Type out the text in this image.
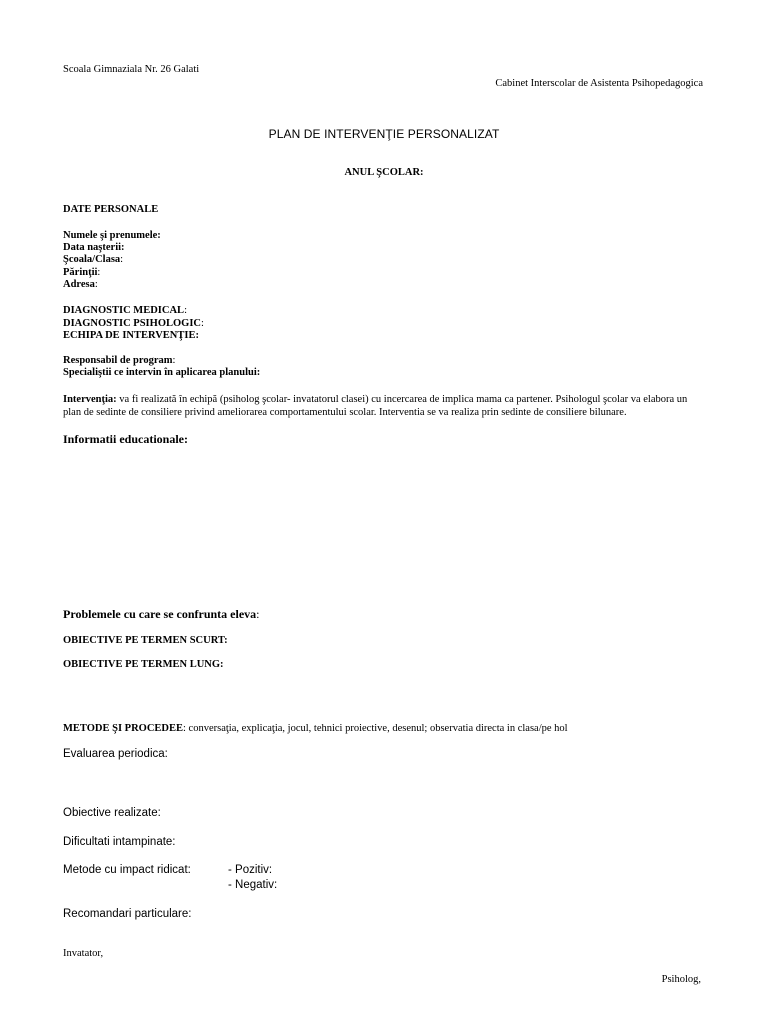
Scoala Gimnaziala Nr. 26 Galati
Cabinet Interscolar de Asistenta Psihopedagogica
PLAN DE INTERVENŢIE PERSONALIZAT
ANUL ŞCOLAR:
DATE PERSONALE
Numele şi prenumele:
Data naşterii:
Şcoala/Clasa:
Părinţii:
Adresa:
DIAGNOSTIC MEDICAL:
DIAGNOSTIC PSIHOLOGIC:
ECHIPA DE INTERVENŢIE:
Responsabil de program:
Specialiştii ce intervin în aplicarea planului:
Intervenţia: va fi realizată în echipă (psiholog şcolar- invatatorul clasei) cu incercarea de implica mama ca partener. Psihologul şcolar va elabora un plan de sedinte de consiliere privind ameliorarea comportamentului scolar. Interventia se va realiza prin sedinte de consiliere bilunare.
Informatii educationale:
Problemele cu care se confrunta eleva:
OBIECTIVE PE TERMEN SCURT:
OBIECTIVE PE TERMEN LUNG:
METODE ŞI PROCEDEE: conversaţia, explicaţia, jocul, tehnici proiective, desenul; observatia directa in clasa/pe hol
Evaluarea periodica:
Obiective realizate:
Dificultati intampinate:
Metode cu impact ridicat:	- Pozitiv:
- Negativ:
Recomandari particulare:
Invatator,
Psiholog,
